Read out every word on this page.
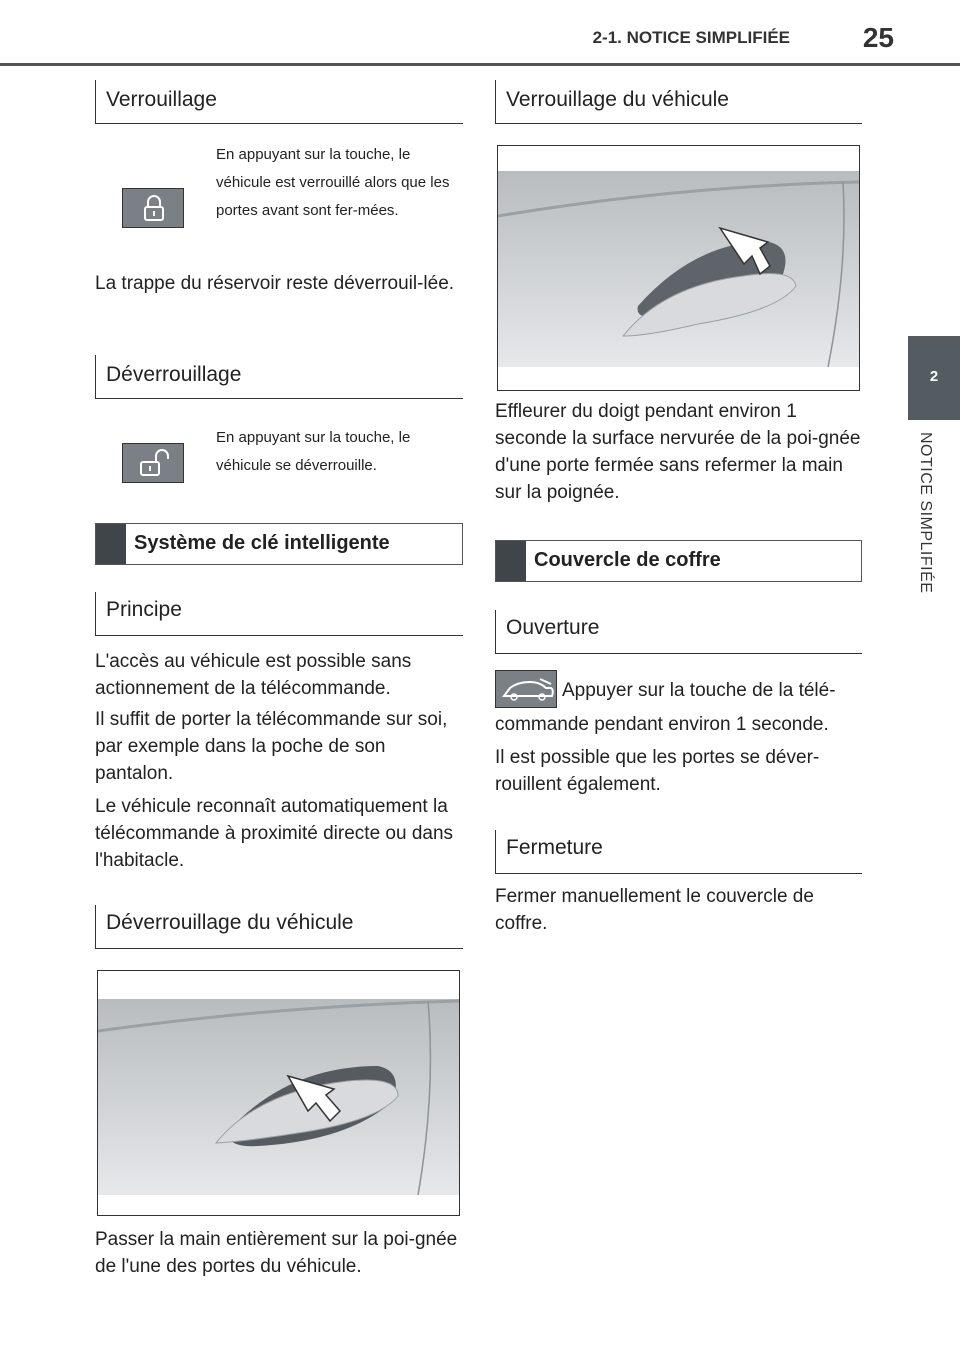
2-1. NOTICE SIMPLIFIÉE	25
2
NOTICE SIMPLIFIÉE
Verrouillage
En appuyant sur la touche, le véhicule est verrouillé alors que les portes avant sont fer-mées.
La trappe du réservoir reste déverrouil-lée.
Déverrouillage
En appuyant sur la touche, le véhicule se déverrouille.
Système de clé intelligente
Principe
L'accès au véhicule est possible sans actionnement de la télécommande.
Il suffit de porter la télécommande sur soi, par exemple dans la poche de son pantalon.
Le véhicule reconnaît automatiquement la télécommande à proximité directe ou dans l'habitacle.
Déverrouillage du véhicule
Passer la main entièrement sur la poi-gnée de l'une des portes du véhicule.
Verrouillage du véhicule
Effleurer du doigt pendant environ 1 seconde la surface nervurée de la poi-gnée d'une porte fermée sans refermer la main sur la poignée.
Couvercle de coffre
Ouverture
Appuyer sur la touche de la télé-
commande pendant environ 1 seconde.
Il est possible que les portes se déver-rouillent également.
Fermeture
Fermer manuellement le couvercle de coffre.
